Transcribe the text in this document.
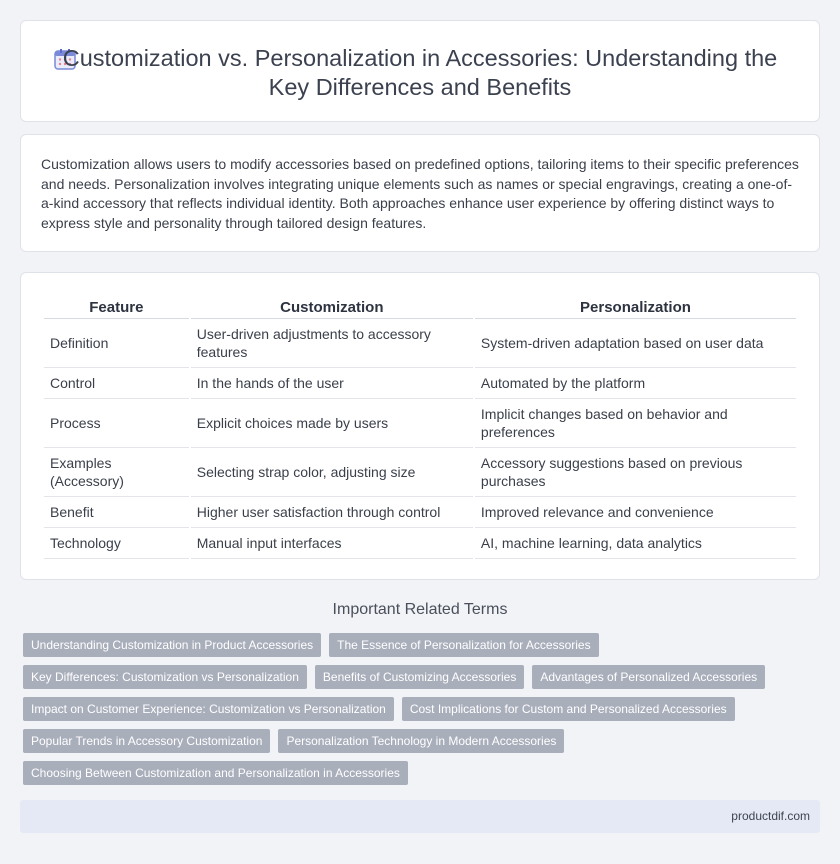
Customization vs. Personalization in Accessories: Understanding the Key Differences and Benefits

Customization allows users to modify accessories based on predefined options, tailoring items to their specific preferences and needs. Personalization involves integrating unique elements such as names or special engravings, creating a one-of-a-kind accessory that reflects individual identity. Both approaches enhance user experience by offering distinct ways to express style and personality through tailored design features.

Feature	Customization	Personalization
Definition	User-driven adjustments to accessory features	System-driven adaptation based on user data
Control	In the hands of the user	Automated by the platform
Process	Explicit choices made by users	Implicit changes based on behavior and preferences
Examples (Accessory)	Selecting strap color, adjusting size	Accessory suggestions based on previous purchases
Benefit	Higher user satisfaction through control	Improved relevance and convenience
Technology	Manual input interfaces	AI, machine learning, data analytics
Important Related Terms
Understanding Customization in Product Accessories	The Essence of Personalization for Accessories
Key Differences: Customization vs Personalization	Benefits of Customizing Accessories	Advantages of Personalized Accessories
Impact on Customer Experience: Customization vs Personalization	Cost Implications for Custom and Personalized Accessories
Popular Trends in Accessory Customization	Personalization Technology in Modern Accessories
Choosing Between Customization and Personalization in Accessories
productdif.com
